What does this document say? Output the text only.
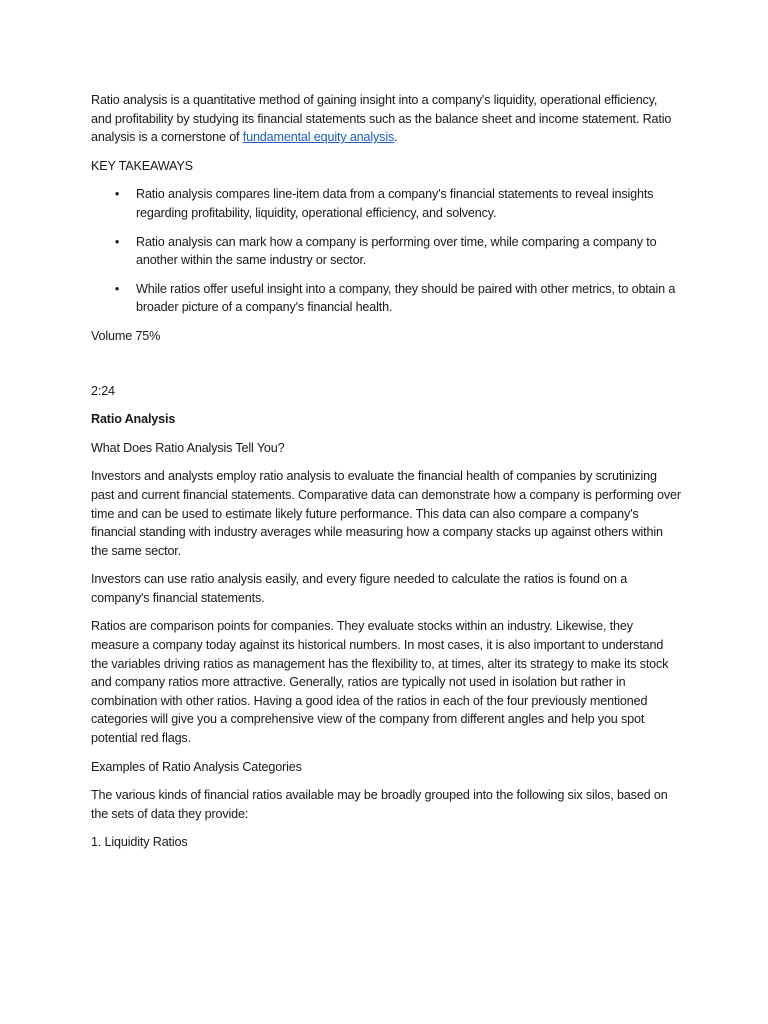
Ratio analysis is a quantitative method of gaining insight into a company's liquidity, operational efficiency, and profitability by studying its financial statements such as the balance sheet and income statement. Ratio analysis is a cornerstone of fundamental equity analysis.

KEY TAKEAWAYS

• Ratio analysis compares line-item data from a company's financial statements to reveal insights regarding profitability, liquidity, operational efficiency, and solvency.
• Ratio analysis can mark how a company is performing over time, while comparing a company to another within the same industry or sector.
• While ratios offer useful insight into a company, they should be paired with other metrics, to obtain a broader picture of a company's financial health.

Volume 75%

2:24

Ratio Analysis

What Does Ratio Analysis Tell You?

Investors and analysts employ ratio analysis to evaluate the financial health of companies by scrutinizing past and current financial statements. Comparative data can demonstrate how a company is performing over time and can be used to estimate likely future performance. This data can also compare a company's financial standing with industry averages while measuring how a company stacks up against others within the same sector.

Investors can use ratio analysis easily, and every figure needed to calculate the ratios is found on a company's financial statements.

Ratios are comparison points for companies. They evaluate stocks within an industry. Likewise, they measure a company today against its historical numbers. In most cases, it is also important to understand the variables driving ratios as management has the flexibility to, at times, alter its strategy to make its stock and company ratios more attractive. Generally, ratios are typically not used in isolation but rather in combination with other ratios. Having a good idea of the ratios in each of the four previously mentioned categories will give you a comprehensive view of the company from different angles and help you spot potential red flags.

Examples of Ratio Analysis Categories

The various kinds of financial ratios available may be broadly grouped into the following six silos, based on the sets of data they provide:

1. Liquidity Ratios
